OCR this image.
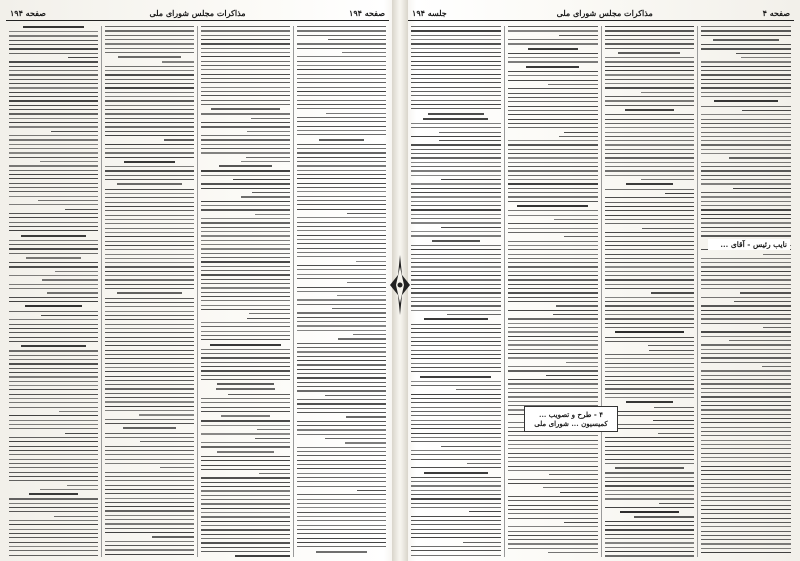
صفحه ۱۹۴
مذاکرات مجلس شورای ملی
صفحه ۱۹۴	صفحه ۴
مذاکرات مجلس شورای ملی
جلسه ۱۹۴
۴ - طرح و تصویب ... کمیسیون ... شورای ملی
نایب رئیس - آقای ...
